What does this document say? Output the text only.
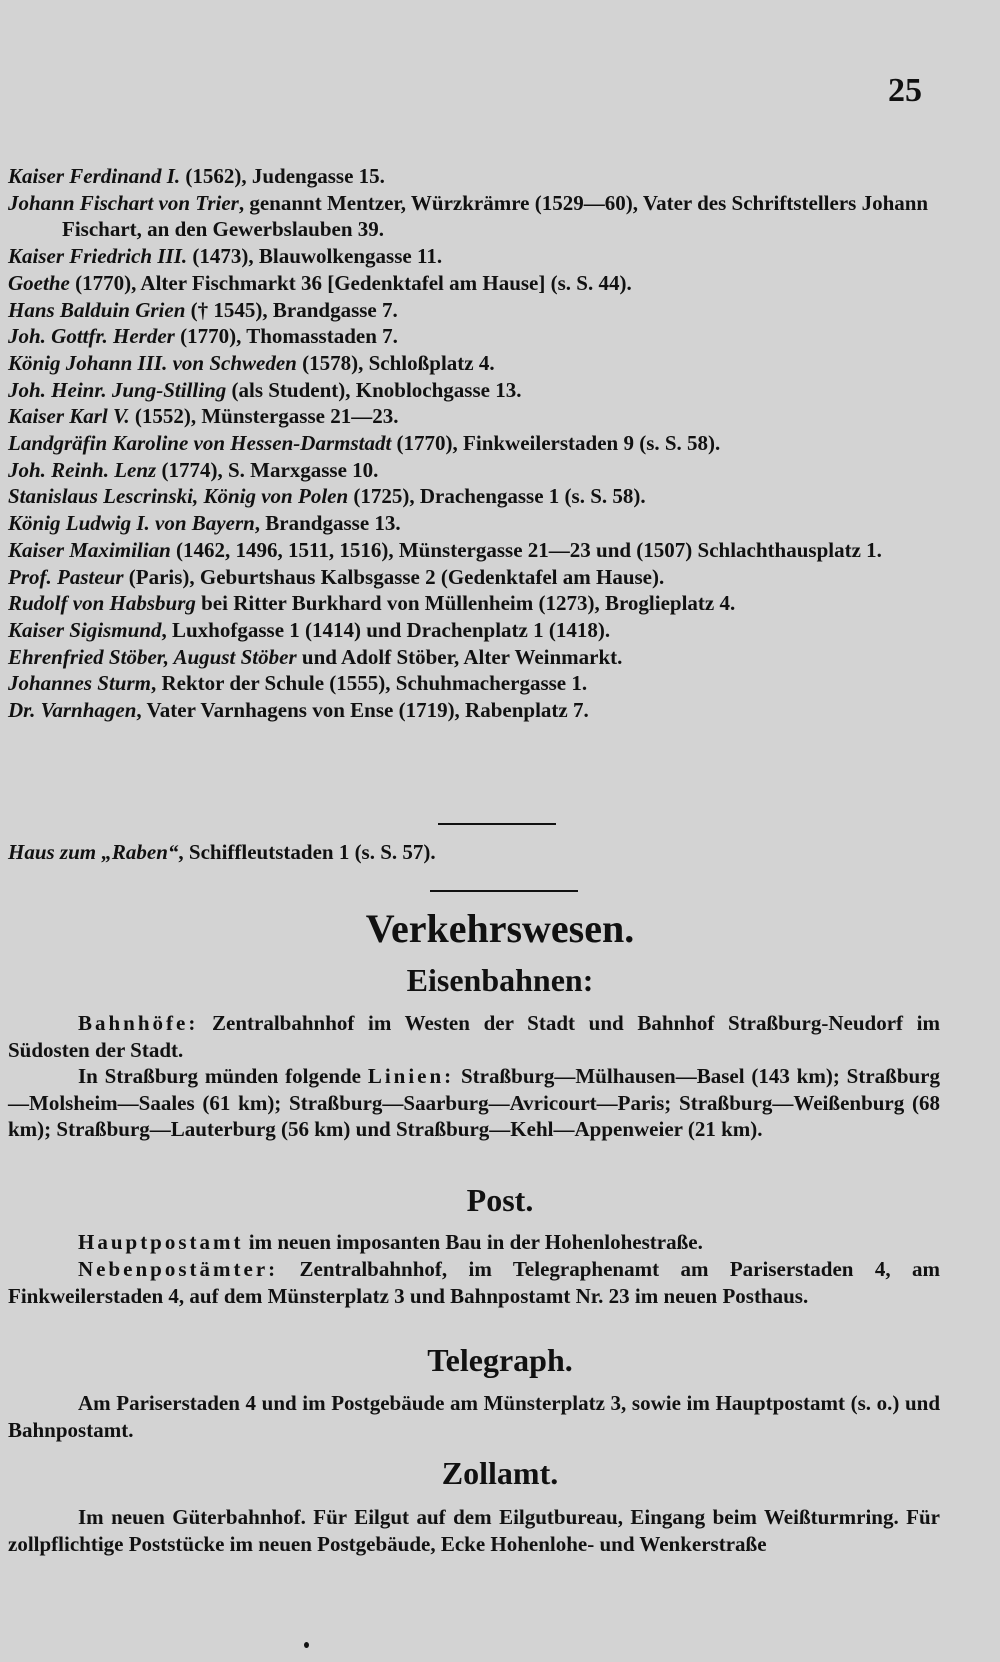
25
Kaiser Ferdinand I. (1562), Judengasse 15.
Johann Fischart von Trier, genannt Mentzer, Würzkrämre (1529—60), Vater des Schriftstellers Johann Fischart, an den Gewerbslauben 39.
Kaiser Friedrich III. (1473), Blauwolkengasse 11.
Goethe (1770), Alter Fischmarkt 36 [Gedenktafel am Hause] (s. S. 44).
Hans Balduin Grien († 1545), Brandgasse 7.
Joh. Gottfr. Herder (1770), Thomasstaden 7.
König Johann III. von Schweden (1578), Schloßplatz 4.
Joh. Heinr. Jung-Stilling (als Student), Knoblochgasse 13.
Kaiser Karl V. (1552), Münstergasse 21—23.
Landgräfin Karoline von Hessen-Darmstadt (1770), Finkweilerstaden 9 (s. S. 58).
Joh. Reinh. Lenz (1774), S. Marxgasse 10.
Stanislaus Lescrinski, König von Polen (1725), Drachengasse 1 (s. S. 58).
König Ludwig I. von Bayern, Brandgasse 13.
Kaiser Maximilian (1462, 1496, 1511, 1516), Münstergasse 21—23 und (1507) Schlachthausplatz 1.
Prof. Pasteur (Paris), Geburtshaus Kalbsgasse 2 (Gedenktafel am Hause).
Rudolf von Habsburg bei Ritter Burkhard von Müllenheim (1273), Broglieplatz 4.
Kaiser Sigismund, Luxhofgasse 1 (1414) und Drachenplatz 1 (1418).
Ehrenfried Stöber, August Stöber und Adolf Stöber, Alter Weinmarkt.
Johannes Sturm, Rektor der Schule (1555), Schuhmachergasse 1.
Dr. Varnhagen, Vater Varnhagens von Ense (1719), Rabenplatz 7.
Haus zum „Raben“, Schiffleutstaden 1 (s. S. 57).
Verkehrswesen.
Eisenbahnen:
Bahnhöfe: Zentralbahnhof im Westen der Stadt und Bahnhof Straßburg-Neudorf im Südosten der Stadt.
In Straßburg münden folgende Linien: Straßburg—Mülhausen—Basel (143 km); Straßburg—Molsheim—Saales (61 km); Straßburg—Saarburg—Avricourt—Paris; Straßburg—Weißenburg (68 km); Straßburg—Lauterburg (56 km) und Straßburg—Kehl—Appenweier (21 km).
Post.
Hauptpostamt im neuen imposanten Bau in der Hohenlohestraße.
Nebenpostämter: Zentralbahnhof, im Telegraphenamt am Pariserstaden 4, am Finkweilerstaden 4, auf dem Münsterplatz 3 und Bahnpostamt Nr. 23 im neuen Posthaus.
Telegraph.
Am Pariserstaden 4 und im Postgebäude am Münsterplatz 3, sowie im Hauptpostamt (s. o.) und Bahnpostamt.
Zollamt.
Im neuen Güterbahnhof. Für Eilgut auf dem Eilgutbureau, Eingang beim Weißturmring. Für zollpflichtige Poststücke im neuen Postgebäude, Ecke Hohenlohe- und Wenkerstraße
